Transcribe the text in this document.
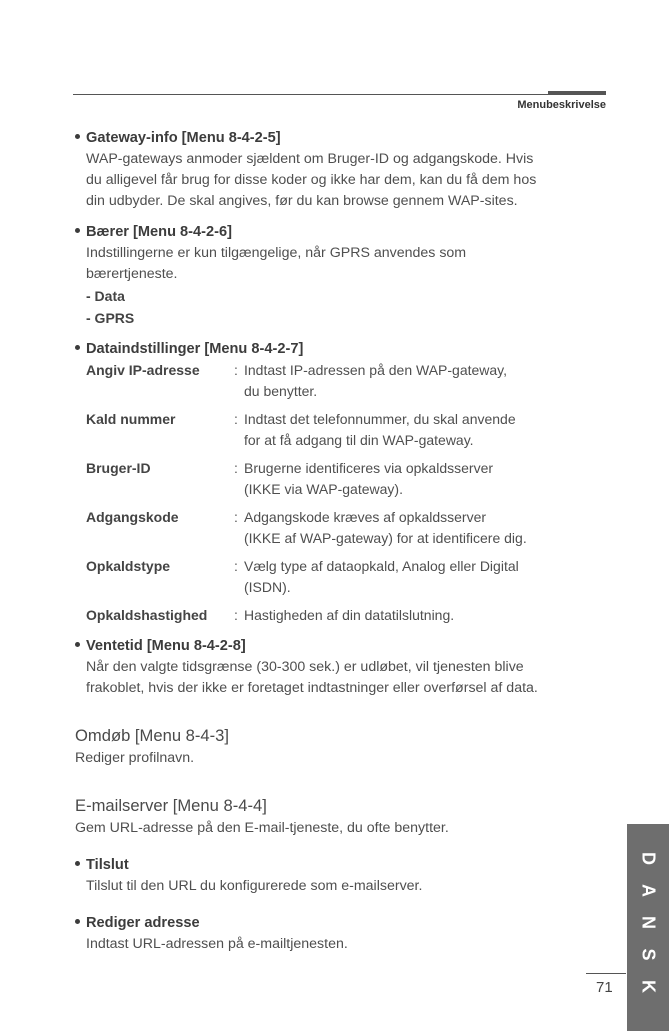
Menubeskrivelse

Gateway-info [Menu 8-4-2-5]

WAP-gateways anmoder sjældent om Bruger-ID og adgangskode. Hvis

du alligevel får brug for disse koder og ikke har dem, kan du få dem hos

din udbyder. De skal angives, før du kan browse gennem WAP-sites.

Bærer [Menu 8-4-2-6]

Indstillingerne er kun tilgængelige, når GPRS anvendes som

bærertjeneste.

- Data

- GPRS

Dataindstillinger [Menu 8-4-2-7]

Angiv IP-adresse	: Indtast IP-adressen på den WAP-gateway,
du benytter.
Kald nummer	: Indtast det telefonnummer, du skal anvende
for at få adgang til din WAP-gateway.
Bruger-ID	: Brugerne identificeres via opkaldsserver
(IKKE via WAP-gateway).
Adgangskode	: Adgangskode kræves af opkaldsserver
(IKKE af WAP-gateway) for at identificere dig.
Opkaldstype	: Vælg type af dataopkald, Analog eller Digital
(ISDN).
Opkaldshastighed	: Hastigheden af din datatilslutning.

Ventetid [Menu 8-4-2-8]

Når den valgte tidsgrænse (30-300 sek.) er udløbet, vil tjenesten blive

frakoblet, hvis der ikke er foretaget indtastninger eller overførsel af data.

Omdøb [Menu 8-4-3]

Rediger profilnavn.

E-mailserver [Menu 8-4-4]

Gem URL-adresse på den E-mail-tjeneste, du ofte benytter.

Tilslut

Tilslut til den URL du konfigurerede som e-mailserver.

Rediger adresse

Indtast URL-adressen på e-mailtjenesten.

D
A
N
S
K
71
